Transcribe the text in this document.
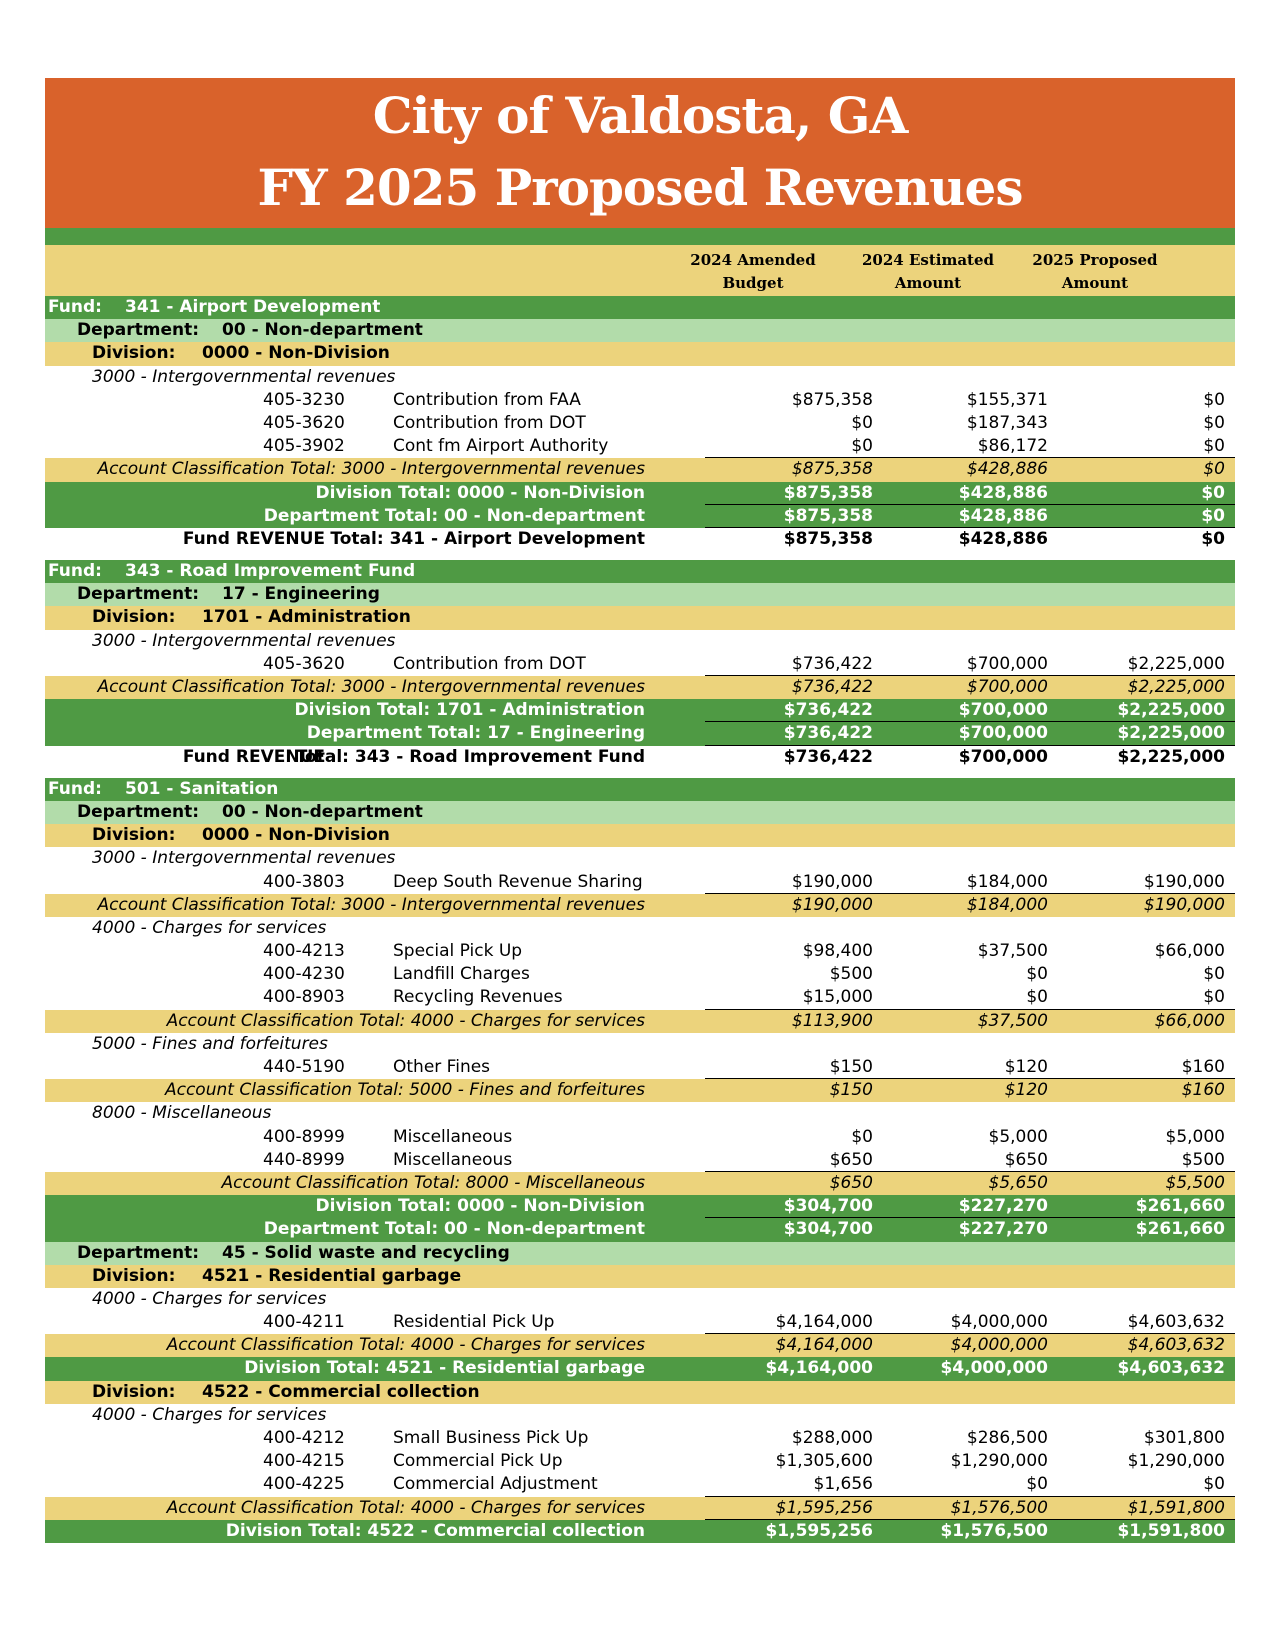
City of Valdosta, GA
FY 2025 Proposed Revenues
2024 Amended
Budget
2024 Estimated
Amount
2025 Proposed
Amount
Fund: 341 - Airport Development
Department: 00 - Non-department
Division: 0000 - Non-Division
3000 - Intergovernmental revenues
405-3230	Contribution from FAA	$875,358	$155,371	$0
405-3620	Contribution from DOT	$0	$187,343	$0
405-3902	Cont fm Airport Authority	$0	$86,172	$0
Account Classification Total: 3000 - Intergovernmental revenues	$875,358	$428,886	$0
Division Total: 0000 - Non-Division	$875,358	$428,886	$0
Department Total: 00 - Non-department	$875,358	$428,886	$0
Fund REVENUE Total: 341 - Airport Development	$875,358	$428,886	$0
Fund: 343 - Road Improvement Fund
Department: 17 - Engineering
Division: 1701 - Administration
3000 - Intergovernmental revenues
405-3620	Contribution from DOT	$736,422	$700,000	$2,225,000
Account Classification Total: 3000 - Intergovernmental revenues	$736,422	$700,000	$2,225,000
Division Total: 1701 - Administration	$736,422	$700,000	$2,225,000
Department Total: 17 - Engineering	$736,422	$700,000	$2,225,000
Fund REVENUE
Total: 343 - Road Improvement Fund	$736,422	$700,000	$2,225,000
Fund: 501 - Sanitation
Department: 00 - Non-department
Division: 0000 - Non-Division
3000 - Intergovernmental revenues
400-3803	Deep South Revenue Sharing	$190,000	$184,000	$190,000
Account Classification Total: 3000 - Intergovernmental revenues	$190,000	$184,000	$190,000
4000 - Charges for services
400-4213	Special Pick Up	$98,400	$37,500	$66,000
400-4230	Landfill Charges	$500	$0	$0
400-8903	Recycling Revenues	$15,000	$0	$0
Account Classification Total: 4000 - Charges for services	$113,900	$37,500	$66,000
5000 - Fines and forfeitures
440-5190	Other Fines	$150	$120	$160
Account Classification Total: 5000 - Fines and forfeitures	$150	$120	$160
8000 - Miscellaneous
400-8999	Miscellaneous	$0	$5,000	$5,000
440-8999	Miscellaneous	$650	$650	$500
Account Classification Total: 8000 - Miscellaneous	$650	$5,650	$5,500
Division Total: 0000 - Non-Division	$304,700	$227,270	$261,660
Department Total: 00 - Non-department	$304,700	$227,270	$261,660
Department: 45 - Solid waste and recycling
Division: 4521 - Residential garbage
4000 - Charges for services
400-4211	Residential Pick Up	$4,164,000	$4,000,000	$4,603,632
Account Classification Total: 4000 - Charges for services	$4,164,000	$4,000,000	$4,603,632
Division Total: 4521 - Residential garbage	$4,164,000	$4,000,000	$4,603,632
Division: 4522 - Commercial collection
4000 - Charges for services
400-4212	Small Business Pick Up	$288,000	$286,500	$301,800
400-4215	Commercial Pick Up	$1,305,600	$1,290,000	$1,290,000
400-4225	Commercial Adjustment	$1,656	$0	$0
Account Classification Total: 4000 - Charges for services	$1,595,256	$1,576,500	$1,591,800
Division Total: 4522 - Commercial collection	$1,595,256	$1,576,500	$1,591,800
